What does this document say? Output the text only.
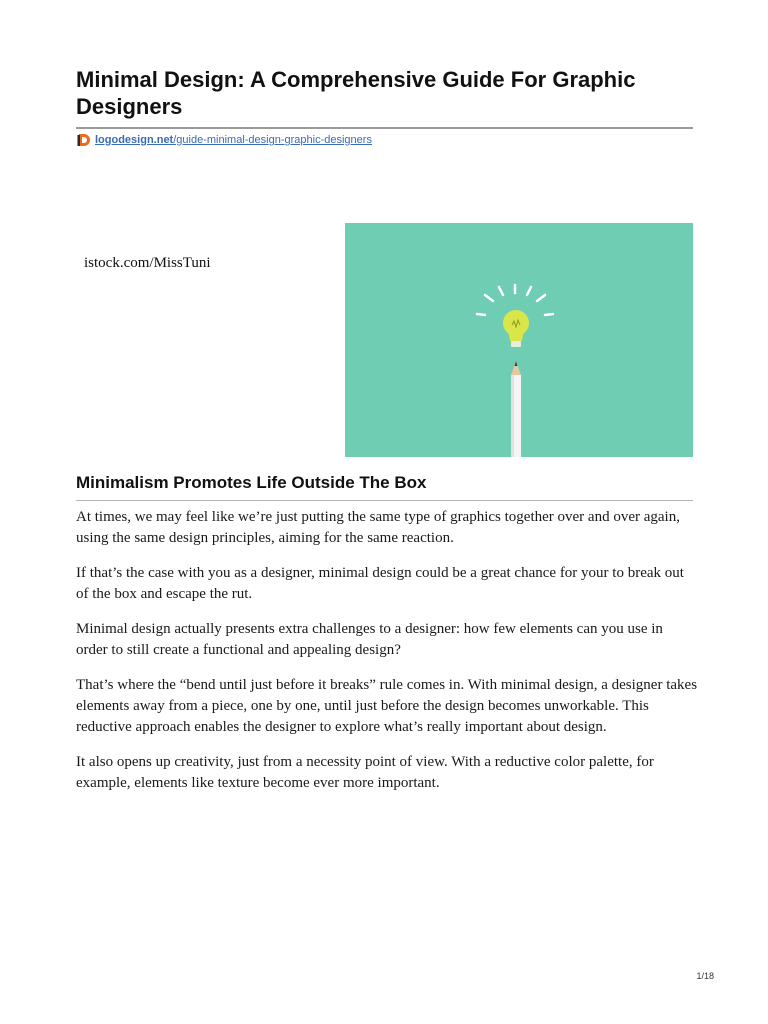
Minimal Design: A Comprehensive Guide For Graphic Designers
logodesign.net /guide-minimal-design-graphic-designers
istock.com/MissTuni
Minimalism Promotes Life Outside The Box

At times, we may feel like we’re just putting the same type of graphics together over and over again, using the same design principles, aiming for the same reaction.

If that’s the case with you as a designer, minimal design could be a great chance for your to break out of the box and escape the rut.

Minimal design actually presents extra challenges to a designer: how few elements can you use in order to still create a functional and appealing design?

That’s where the “bend until just before it breaks” rule comes in. With minimal design, a designer takes elements away from a piece, one by one, until just before the design becomes unworkable. This reductive approach enables the designer to explore what’s really important about design.

It also opens up creativity, just from a necessity point of view. With a reductive color palette, for example, elements like texture become ever more important.

1/18
